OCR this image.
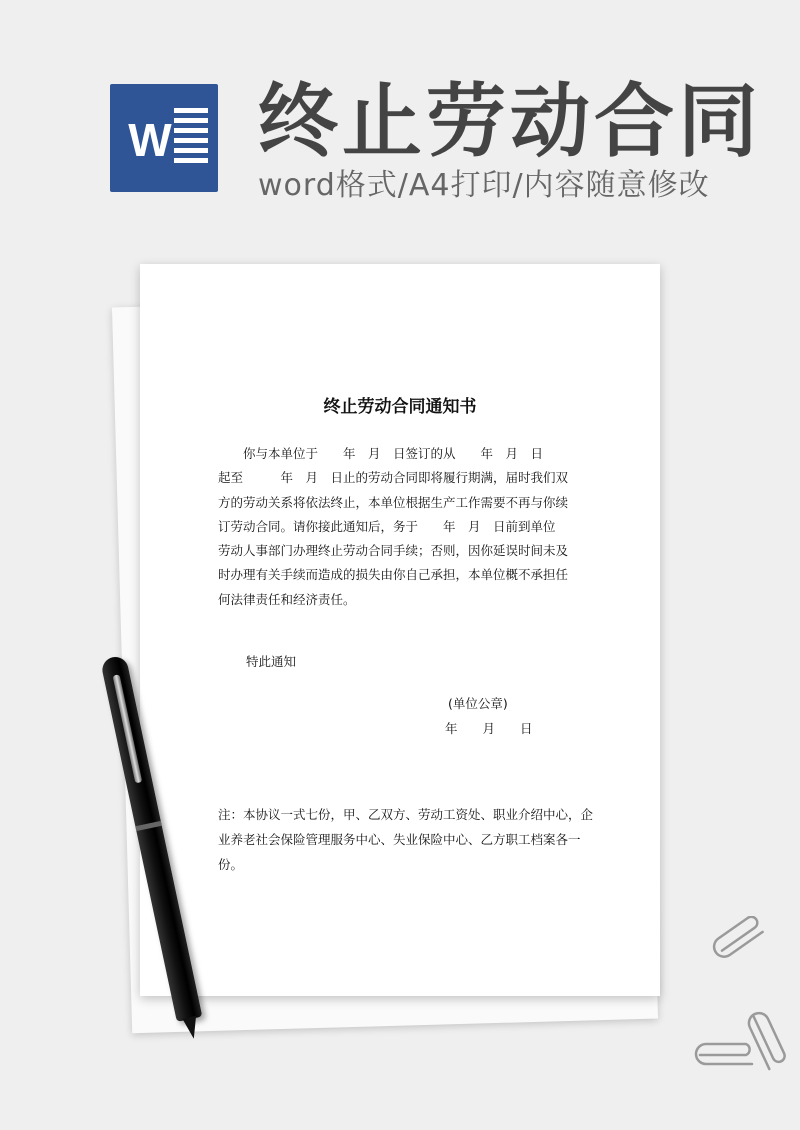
W 终止劳动合同
word格式/A4打印/内容随意修改
终止劳动合同通知书
　　你与本单位于　　年　月　日签订的从　　年　月　日
起至　　　年　月　日止的劳动合同即将履行期满，届时我们双
方的劳动关系将依法终止，本单位根据生产工作需要不再与你续
订劳动合同。请你接此通知后，务于　　年　月　日前到单位
劳动人事部门办理终止劳动合同手续；否则，因你延误时间未及
时办理有关手续而造成的损失由你自己承担，本单位概不承担任
何法律责任和经济责任。
特此通知
(单位公章)
年　　月　　日
注：本协议一式七份，甲、乙双方、劳动工资处、职业介绍中心，企
业养老社会保险管理服务中心、失业保险中心、乙方职工档案各一
份。
